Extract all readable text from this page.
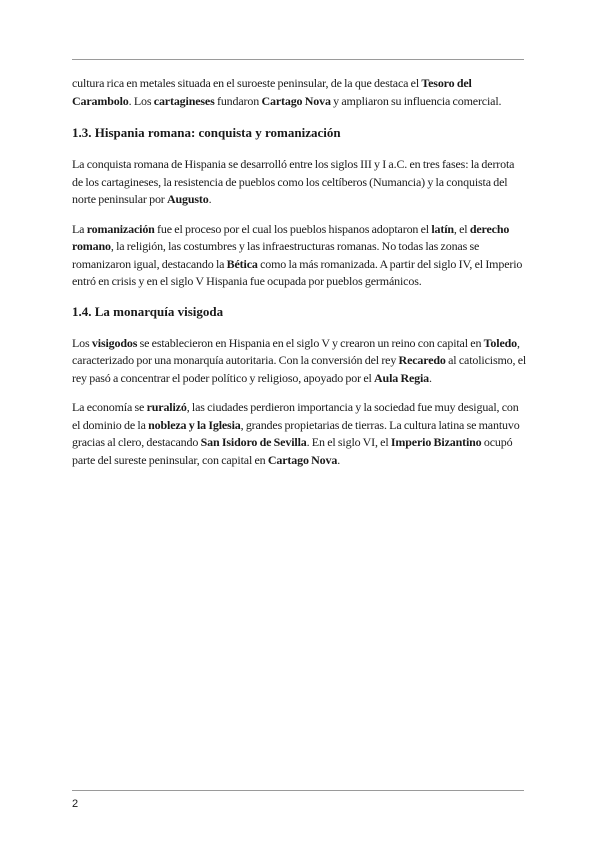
cultura rica en metales situada en el suroeste peninsular, de la que destaca el Tesoro del Carambolo. Los cartagineses fundaron Cartago Nova y ampliaron su influencia comercial.

1.3. Hispania romana: conquista y romanización

La conquista romana de Hispania se desarrolló entre los siglos III y I a.C. en tres fases: la derrota de los cartagineses, la resistencia de pueblos como los celtíberos (Numancia) y la conquista del norte peninsular por Augusto.

La romanización fue el proceso por el cual los pueblos hispanos adoptaron el latín, el derecho romano, la religión, las costumbres y las infraestructuras romanas. No todas las zonas se romanizaron igual, destacando la Bética como la más romanizada. A partir del siglo IV, el Imperio entró en crisis y en el siglo V Hispania fue ocupada por pueblos germánicos.

1.4. La monarquía visigoda

Los visigodos se establecieron en Hispania en el siglo V y crearon un reino con capital en Toledo, caracterizado por una monarquía autoritaria. Con la conversión del rey Recaredo al catolicismo, el rey pasó a concentrar el poder político y religioso, apoyado por el Aula Regia.

La economía se ruralizó, las ciudades perdieron importancia y la sociedad fue muy desigual, con el dominio de la nobleza y la Iglesia, grandes propietarias de tierras. La cultura latina se mantuvo gracias al clero, destacando San Isidoro de Sevilla. En el siglo VI, el Imperio Bizantino ocupó parte del sureste peninsular, con capital en Cartago Nova.

2
